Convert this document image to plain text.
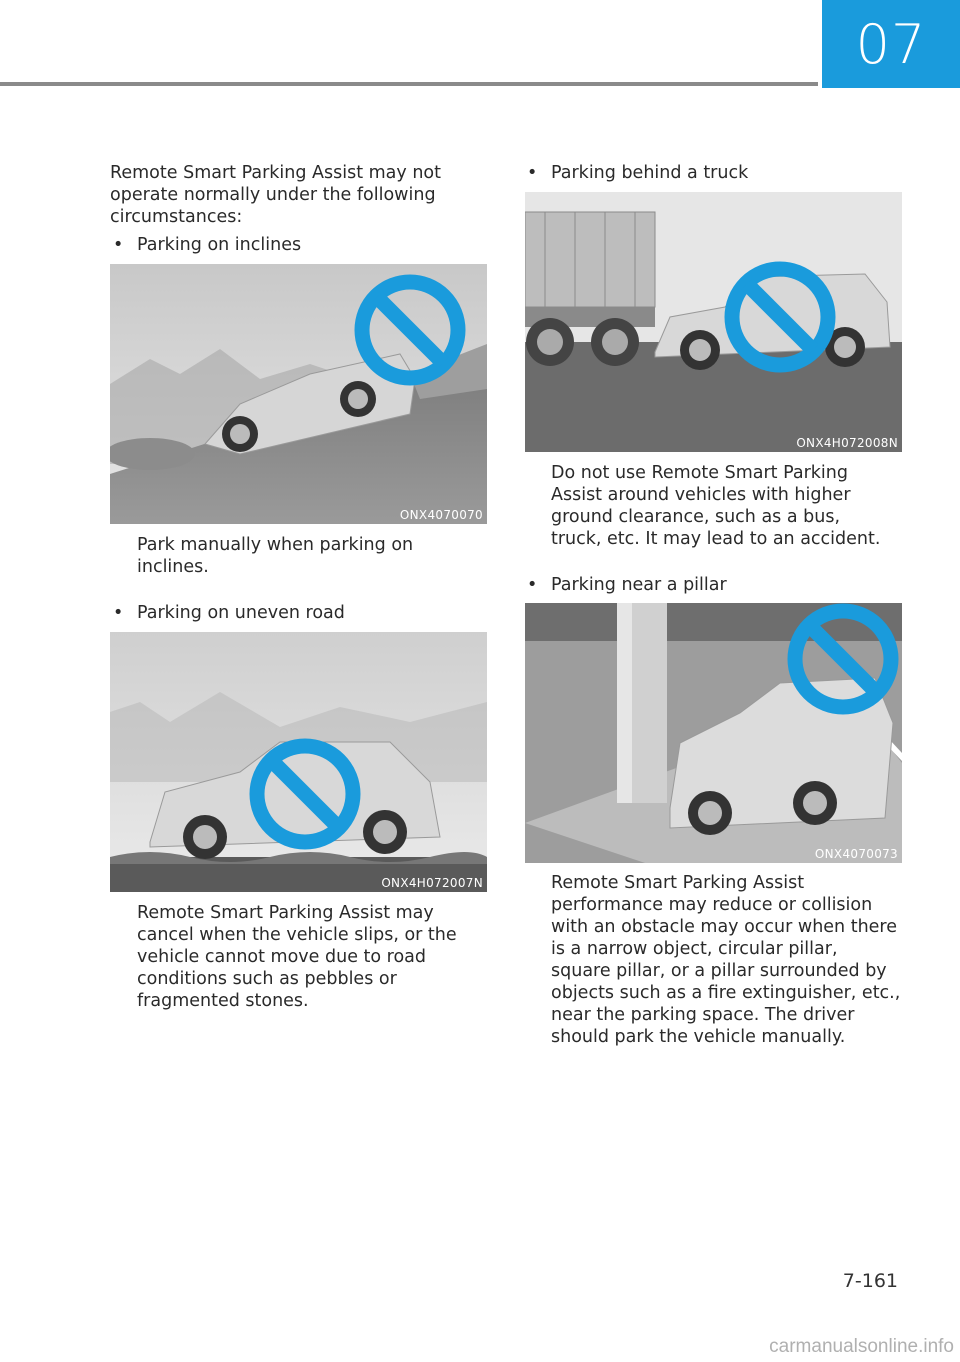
07

Remote Smart Parking Assist may not operate normally under the following circumstances:

• Parking on inclines
ONX4070070

Park manually when parking on inclines.

• Parking on uneven road
ONX4H072007N

Remote Smart Parking Assist may cancel when the vehicle slips, or the vehicle cannot move due to road conditions such as pebbles or fragmented stones.

• Parking behind a truck
ONX4H072008N

Do not use Remote Smart Parking Assist around vehicles with higher ground clearance, such as a bus, truck, etc. It may lead to an accident.

• Parking near a pillar
ONX4070073

Remote Smart Parking Assist performance may reduce or collision with an obstacle may occur when there is a narrow object, circular pillar, square pillar, or a pillar surrounded by objects such as a fire extinguisher, etc., near the parking space. The driver should park the vehicle manually.

7-161
carmanualsonline.info
